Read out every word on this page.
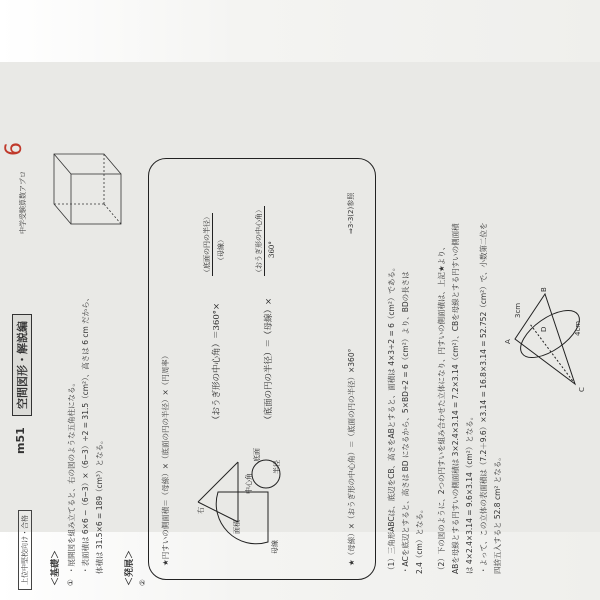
上位中堅校向け・合格
m51
空間図形・解説編
中学受験算数アプロ
6
＜基礎＞ ①
・展開図を組み立てると、右の図のような五角柱になる。 ・表面積は 6×6 −（6−3）×（6−3）÷2 = 31.5（cm²）、高さは 6 cm だから、 体積は 31.5×6 = 189（cm³）となる。	＜発展＞ ②
★円すいの側面積＝（母線）×（底面の円の半径）×（円周率）	母線
半径
右
面積
中心角
底面
（おうぎ形の中心角）＝360°×
（底面の円の半径） （母線）
（底面の円の半径）＝（母線）×
（おうぎ形の中心角） 360°
★（母線）×（おうぎ形の中心角）＝（底面の円の半径）×360°
⇒3-3(2)参照
（1）三角形ABCは、底辺をCB、高さをABとすると、面積は 4×3÷2 = 6（cm²）である。 ・ACを底辺とすると、高さは BD になるから、5×BD÷2 = 6（cm²）より、BDの長さは 2.4（cm）となる。 （2）下の図のように、2つの円すいを組み合わせた立体になり、円すいの側面積は、上記★より、 ABを母線とする円すいの側面積は 3×2.4×3.14 = 7.2×3.14（cm²）、CBを母線とする円すいの側面積 は 4×2.4×3.14 = 9.6×3.14（cm²）となる。 ・よって、この立体の表面積は（7.2＋9.6）×3.14 = 16.8×3.14 = 52.752（cm²）で、小数第二位を 四捨五入すると 52.8 cm² となる。
A
B
C
D
3cm
4cm
